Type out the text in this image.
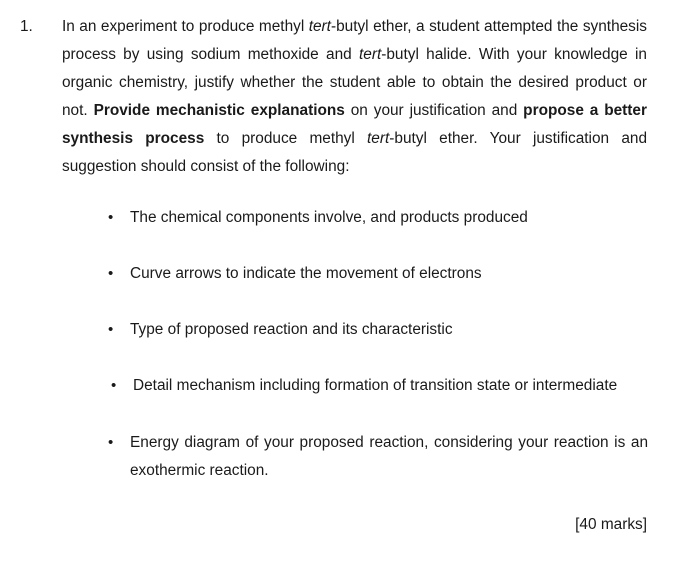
1. In an experiment to produce methyl tert-butyl ether, a student attempted the synthesis process by using sodium methoxide and tert-butyl halide. With your knowledge in organic chemistry, justify whether the student able to obtain the desired product or not. Provide mechanistic explanations on your justification and propose a better synthesis process to produce methyl tert-butyl ether. Your justification and suggestion should consist of the following:
•	The chemical components involve, and products produced
•	Curve arrows to indicate the movement of electrons
•	Type of proposed reaction and its characteristic
•	Detail mechanism including formation of transition state or intermediate
•	Energy diagram of your proposed reaction, considering your reaction is an exothermic reaction.
[40 marks]
